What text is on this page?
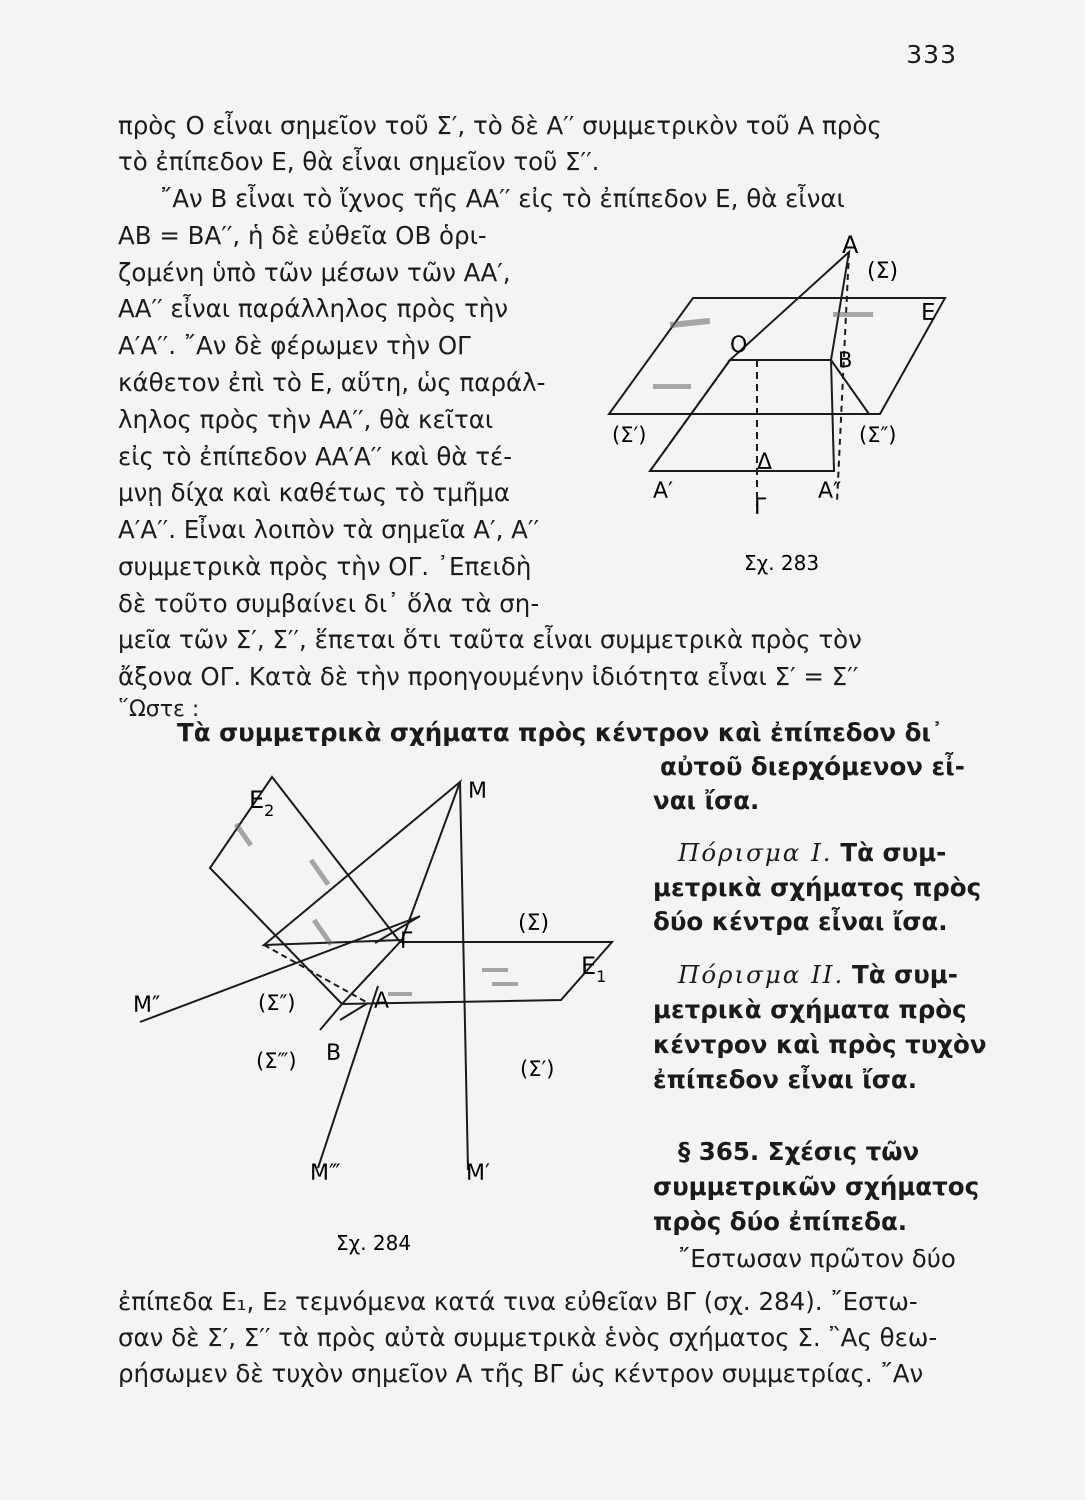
333
πρὸς Ο εἶναι σημεῖον τοῦ Σ′, τὸ δὲ Α′′ συμμετρικὸν τοῦ Α πρὸς
τὸ ἐπίπεδον Ε, θὰ εἶναι σημεῖον τοῦ Σ′′.
῎Αν Β εἶναι τὸ ἴχνος τῆς ΑΑ′′ εἰς τὸ ἐπίπεδον Ε, θὰ εἶναι
ΑΒ = ΒΑ′′, ἡ δὲ εὐθεῖα ΟΒ ὁρι-
ζομένη ὑπὸ τῶν μέσων τῶν ΑΑ′,
ΑΑ′′ εἶναι παράλληλος πρὸς τὴν
Α′Α′′. ῎Αν δὲ φέρωμεν τὴν ΟΓ
κάθετον ἐπὶ τὸ Ε, αὕτη, ὡς παράλ-
ληλος πρὸς τὴν ΑΑ′′, θὰ κεῖται
εἰς τὸ ἐπίπεδον ΑΑ′Α′′ καὶ θὰ τέ-
μνῃ δίχα καὶ καθέτως τὸ τμῆμα
Α′Α′′. Εἶναι λοιπὸν τὰ σημεῖα Α′, Α′′
συμμετρικὰ πρὸς τὴν ΟΓ. ᾿Επειδὴ
δὲ τοῦτο συμβαίνει δι᾿ ὅλα τὰ ση-
μεῖα τῶν Σ′, Σ′′, ἕπεται ὅτι ταῦτα εἶναι συμμετρικὰ πρὸς τὸν
ἄξονα ΟΓ. Κατὰ δὲ τὴν προηγουμένην ἰδιότητα εἶναι Σ′ = Σ′′
῞Ωστε :
Α
(Σ)
Ε
Ο
Β
(Σ′)	(Σ″)
Δ
Α′
Γ
Α″
Σχ. 283
Τὰ συμμετρικὰ σχήματα πρὸς κέντρον καὶ ἐπίπεδον δι᾿
αὐτοῦ διερχόμενον εἶ-
ναι ἴσα.
Πόρισμα Ι. Τὰ συμ-
μετρικὰ σχήματος πρὸς
δύο κέντρα εἶναι ἴσα.
Πόρισμα ΙΙ. Τὰ συμ-
μετρικὰ σχήματα πρὸς
κέντρον καὶ πρὸς τυχὸν
ἐπίπεδον εἶναι ἴσα.
§ 365. Σχέσις τῶν
συμμετρικῶν σχήματος
πρὸς δύο ἐπίπεδα.
$E_2$
Μ
(Σ)
Γ
$E_1$
Μ″	(Σ″)	Α
(Σ‴) Β
(Σ′)
Μ‴	Μ′
Σχ. 284
῎Εστωσαν πρῶτον δύο
ἐπίπεδα Ε₁, Ε₂ τεμνόμενα κατά τινα εὐθεῖαν ΒΓ (σχ. 284). ῎Εστω-
σαν δὲ Σ′, Σ′′ τὰ πρὸς αὐτὰ συμμετρικὰ ἑνὸς σχήματος Σ. ῍Ας θεω-
ρήσωμεν δὲ τυχὸν σημεῖον Α τῆς ΒΓ ὡς κέντρον συμμετρίας. ῎Αν
